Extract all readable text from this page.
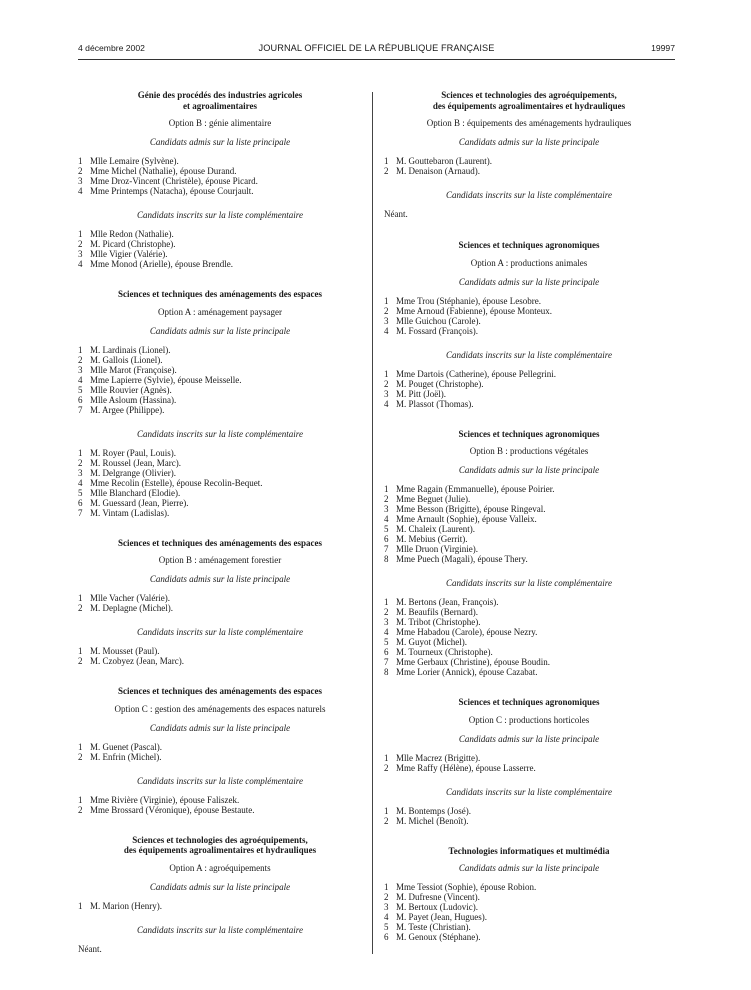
4 décembre 2002	JOURNAL OFFICIEL DE LA RÉPUBLIQUE FRANÇAISE	19997
Génie des procédés des industries agricoles
et agroalimentaires
Option B : génie alimentaire
Candidats admis sur la liste principale
1 Mlle Lemaire (Sylvène).
2 Mme Michel (Nathalie), épouse Durand.
3 Mme Droz-Vincent (Christèle), épouse Picard.
4 Mme Printemps (Natacha), épouse Courjault.
Candidats inscrits sur la liste complémentaire
1 Mlle Redon (Nathalie).
2 M. Picard (Christophe).
3 Mlle Vigier (Valérie).
4 Mme Monod (Arielle), épouse Brendle.
Sciences et techniques des aménagements des espaces
Option A : aménagement paysager
Candidats admis sur la liste principale
1 M. Lardinais (Lionel).
2 M. Gallois (Lionel).
3 Mlle Marot (Françoise).
4 Mme Lapierre (Sylvie), épouse Meisselle.
5 Mlle Rouvier (Agnès).
6 Mlle Asloum (Hassina).
7 M. Argee (Philippe).
Candidats inscrits sur la liste complémentaire
1 M. Royer (Paul, Louis).
2 M. Roussel (Jean, Marc).
3 M. Delgrange (Olivier).
4 Mme Recolin (Estelle), épouse Recolin-Bequet.
5 Mlle Blanchard (Elodie).
6 M. Guessard (Jean, Pierre).
7 M. Vintam (Ladislas).
Sciences et techniques des aménagements des espaces
Option B : aménagement forestier
Candidats admis sur la liste principale
1 Mlle Vacher (Valérie).
2 M. Deplagne (Michel).
Candidats inscrits sur la liste complémentaire
1 M. Mousset (Paul).
2 M. Czobyez (Jean, Marc).
Sciences et techniques des aménagements des espaces
Option C : gestion des aménagements des espaces naturels
Candidats admis sur la liste principale
1 M. Guenet (Pascal).
2 M. Enfrin (Michel).
Candidats inscrits sur la liste complémentaire
1 Mme Rivière (Virginie), épouse Faliszek.
2 Mme Brossard (Véronique), épouse Bestaute.
Sciences et technologies des agroéquipements,
des équipements agroalimentaires et hydrauliques
Option A : agroéquipements
Candidats admis sur la liste principale
1 M. Marion (Henry).
Candidats inscrits sur la liste complémentaire
Néant.
Sciences et technologies des agroéquipements,
des équipements agroalimentaires et hydrauliques
Option B : équipements des aménagements hydrauliques
Candidats admis sur la liste principale
1 M. Gouttebaron (Laurent).
2 M. Denaison (Arnaud).
Candidats inscrits sur la liste complémentaire
Néant.
Sciences et techniques agronomiques
Option A : productions animales
Candidats admis sur la liste principale
1 Mme Trou (Stéphanie), épouse Lesobre.
2 Mme Arnoud (Fabienne), épouse Monteux.
3 Mlle Guichou (Carole).
4 M. Fossard (François).
Candidats inscrits sur la liste complémentaire
1 Mme Dartois (Catherine), épouse Pellegrini.
2 M. Pouget (Christophe).
3 M. Pitt (Joël).
4 M. Plassot (Thomas).
Sciences et techniques agronomiques
Option B : productions végétales
Candidats admis sur la liste principale
1 Mme Ragain (Emmanuelle), épouse Poirier.
2 Mme Beguet (Julie).
3 Mme Besson (Brigitte), épouse Ringeval.
4 Mme Arnault (Sophie), épouse Valleix.
5 M. Chaleix (Laurent).
6 M. Mebius (Gerrit).
7 Mlle Druon (Virginie).
8 Mme Puech (Magali), épouse Thery.
Candidats inscrits sur la liste complémentaire
1 M. Bertons (Jean, François).
2 M. Beaufils (Bernard).
3 M. Tribot (Christophe).
4 Mme Habadou (Carole), épouse Nezry.
5 M. Guyot (Michel).
6 M. Tourneux (Christophe).
7 Mme Gerbaux (Christine), épouse Boudin.
8 Mme Lorier (Annick), épouse Cazabat.
Sciences et techniques agronomiques
Option C : productions horticoles
Candidats admis sur la liste principale
1 Mlle Macrez (Brigitte).
2 Mme Raffy (Hélène), épouse Lasserre.
Candidats inscrits sur la liste complémentaire
1 M. Bontemps (José).
2 M. Michel (Benoît).
Technologies informatiques et multimédia
Candidats admis sur la liste principale
1 Mme Tessiot (Sophie), épouse Robion.
2 M. Dufresne (Vincent).
3 M. Bertoux (Ludovic).
4 M. Payet (Jean, Hugues).
5 M. Teste (Christian).
6 M. Genoux (Stéphane).
